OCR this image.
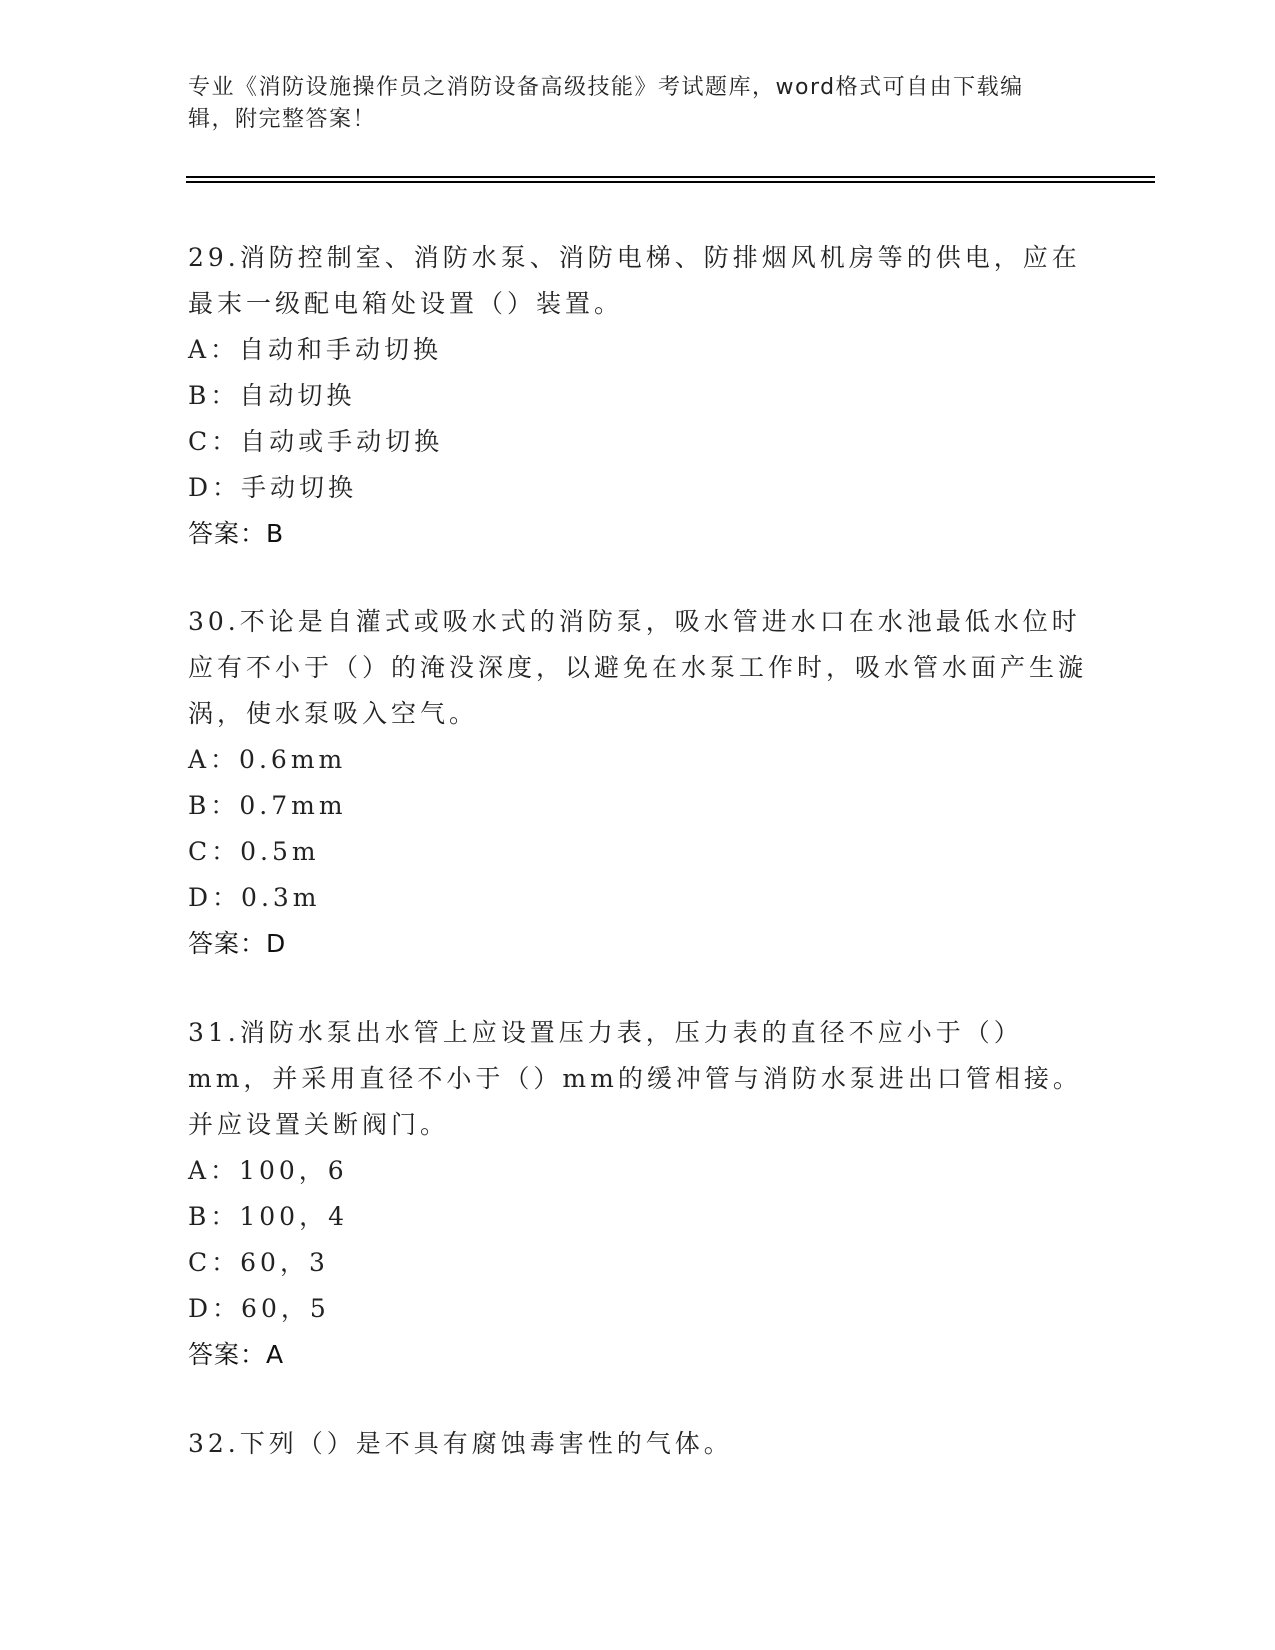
专业《消防设施操作员之消防设备高级技能》考试题库，word格式可自由下载编辑，附完整答案！

29.消防控制室、消防水泵、消防电梯、防排烟风机房等的供电，应在最末一级配电箱处设置（）装置。

A：自动和手动切换

B：自动切换

C：自动或手动切换

D：手动切换

答案：B

30.不论是自灌式或吸水式的消防泵，吸水管进水口在水池最低水位时应有不小于（）的淹没深度，以避免在水泵工作时，吸水管水面产生漩涡，使水泵吸入空气。

A：0.6mm

B：0.7mm

C：0.5m

D：0.3m

答案：D

31.消防水泵出水管上应设置压力表，压力表的直径不应小于（）mm，并采用直径不小于（）mm的缓冲管与消防水泵进出口管相接。并应设置关断阀门。

A：100，6

B：100，4

C：60，3

D：60，5

答案：A

32.下列（）是不具有腐蚀毒害性的气体。
